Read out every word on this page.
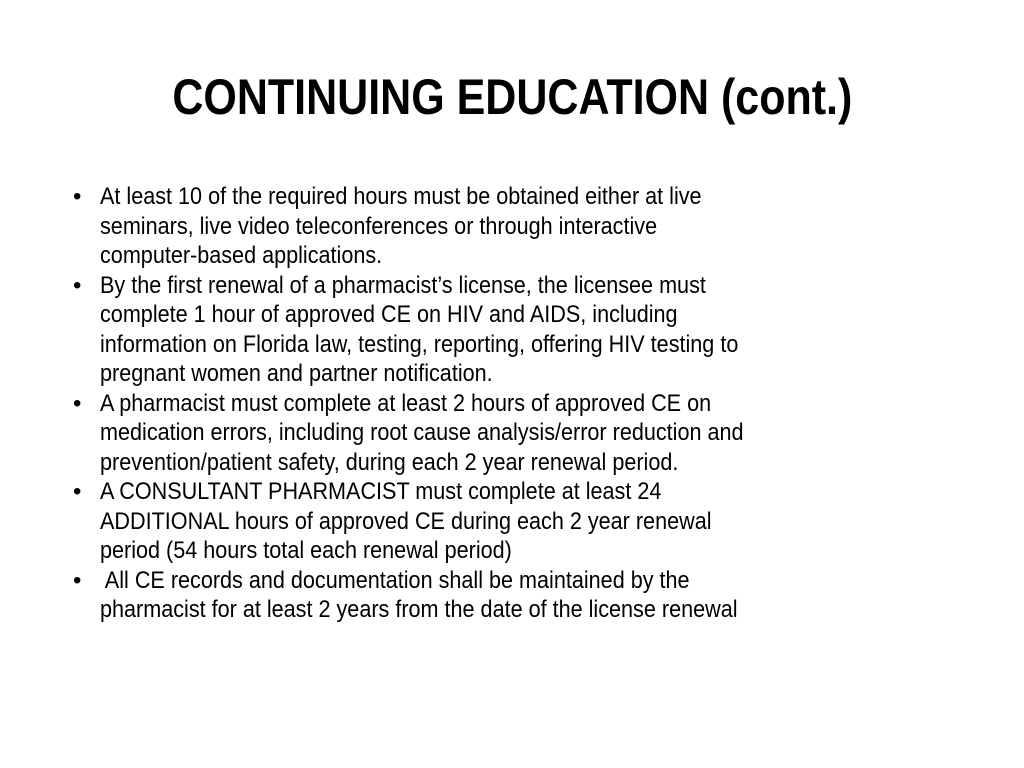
CONTINUING EDUCATION (cont.)
• At least 10 of the required hours must be obtained either at live
seminars, live video teleconferences or through interactive
computer-based applications.
• By the first renewal of a pharmacist’s license, the licensee must
complete 1 hour of approved CE on HIV and AIDS, including
information on Florida law, testing, reporting, offering HIV testing to
pregnant women and partner notification.
• A pharmacist must complete at least 2 hours of approved CE on
medication errors, including root cause analysis/error reduction and
prevention/patient safety, during each 2 year renewal period.
• A CONSULTANT PHARMACIST must complete at least 24
ADDITIONAL hours of approved CE during each 2 year renewal
period (54 hours total each renewal period)
• All CE records and documentation shall be maintained by the
pharmacist for at least 2 years from the date of the license renewal
